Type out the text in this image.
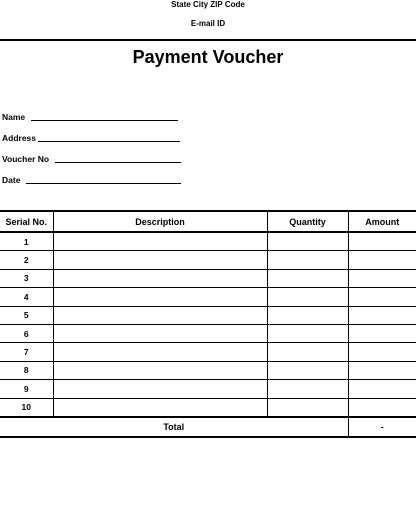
State City ZIP Code
E-mail ID
Payment Voucher
Name
Address
Voucher No
Date
Serial No.	Description	Quantity	Amount
1			
2			
3			
4			
5			
6			
7			
8			
9			
10			
Total			-
